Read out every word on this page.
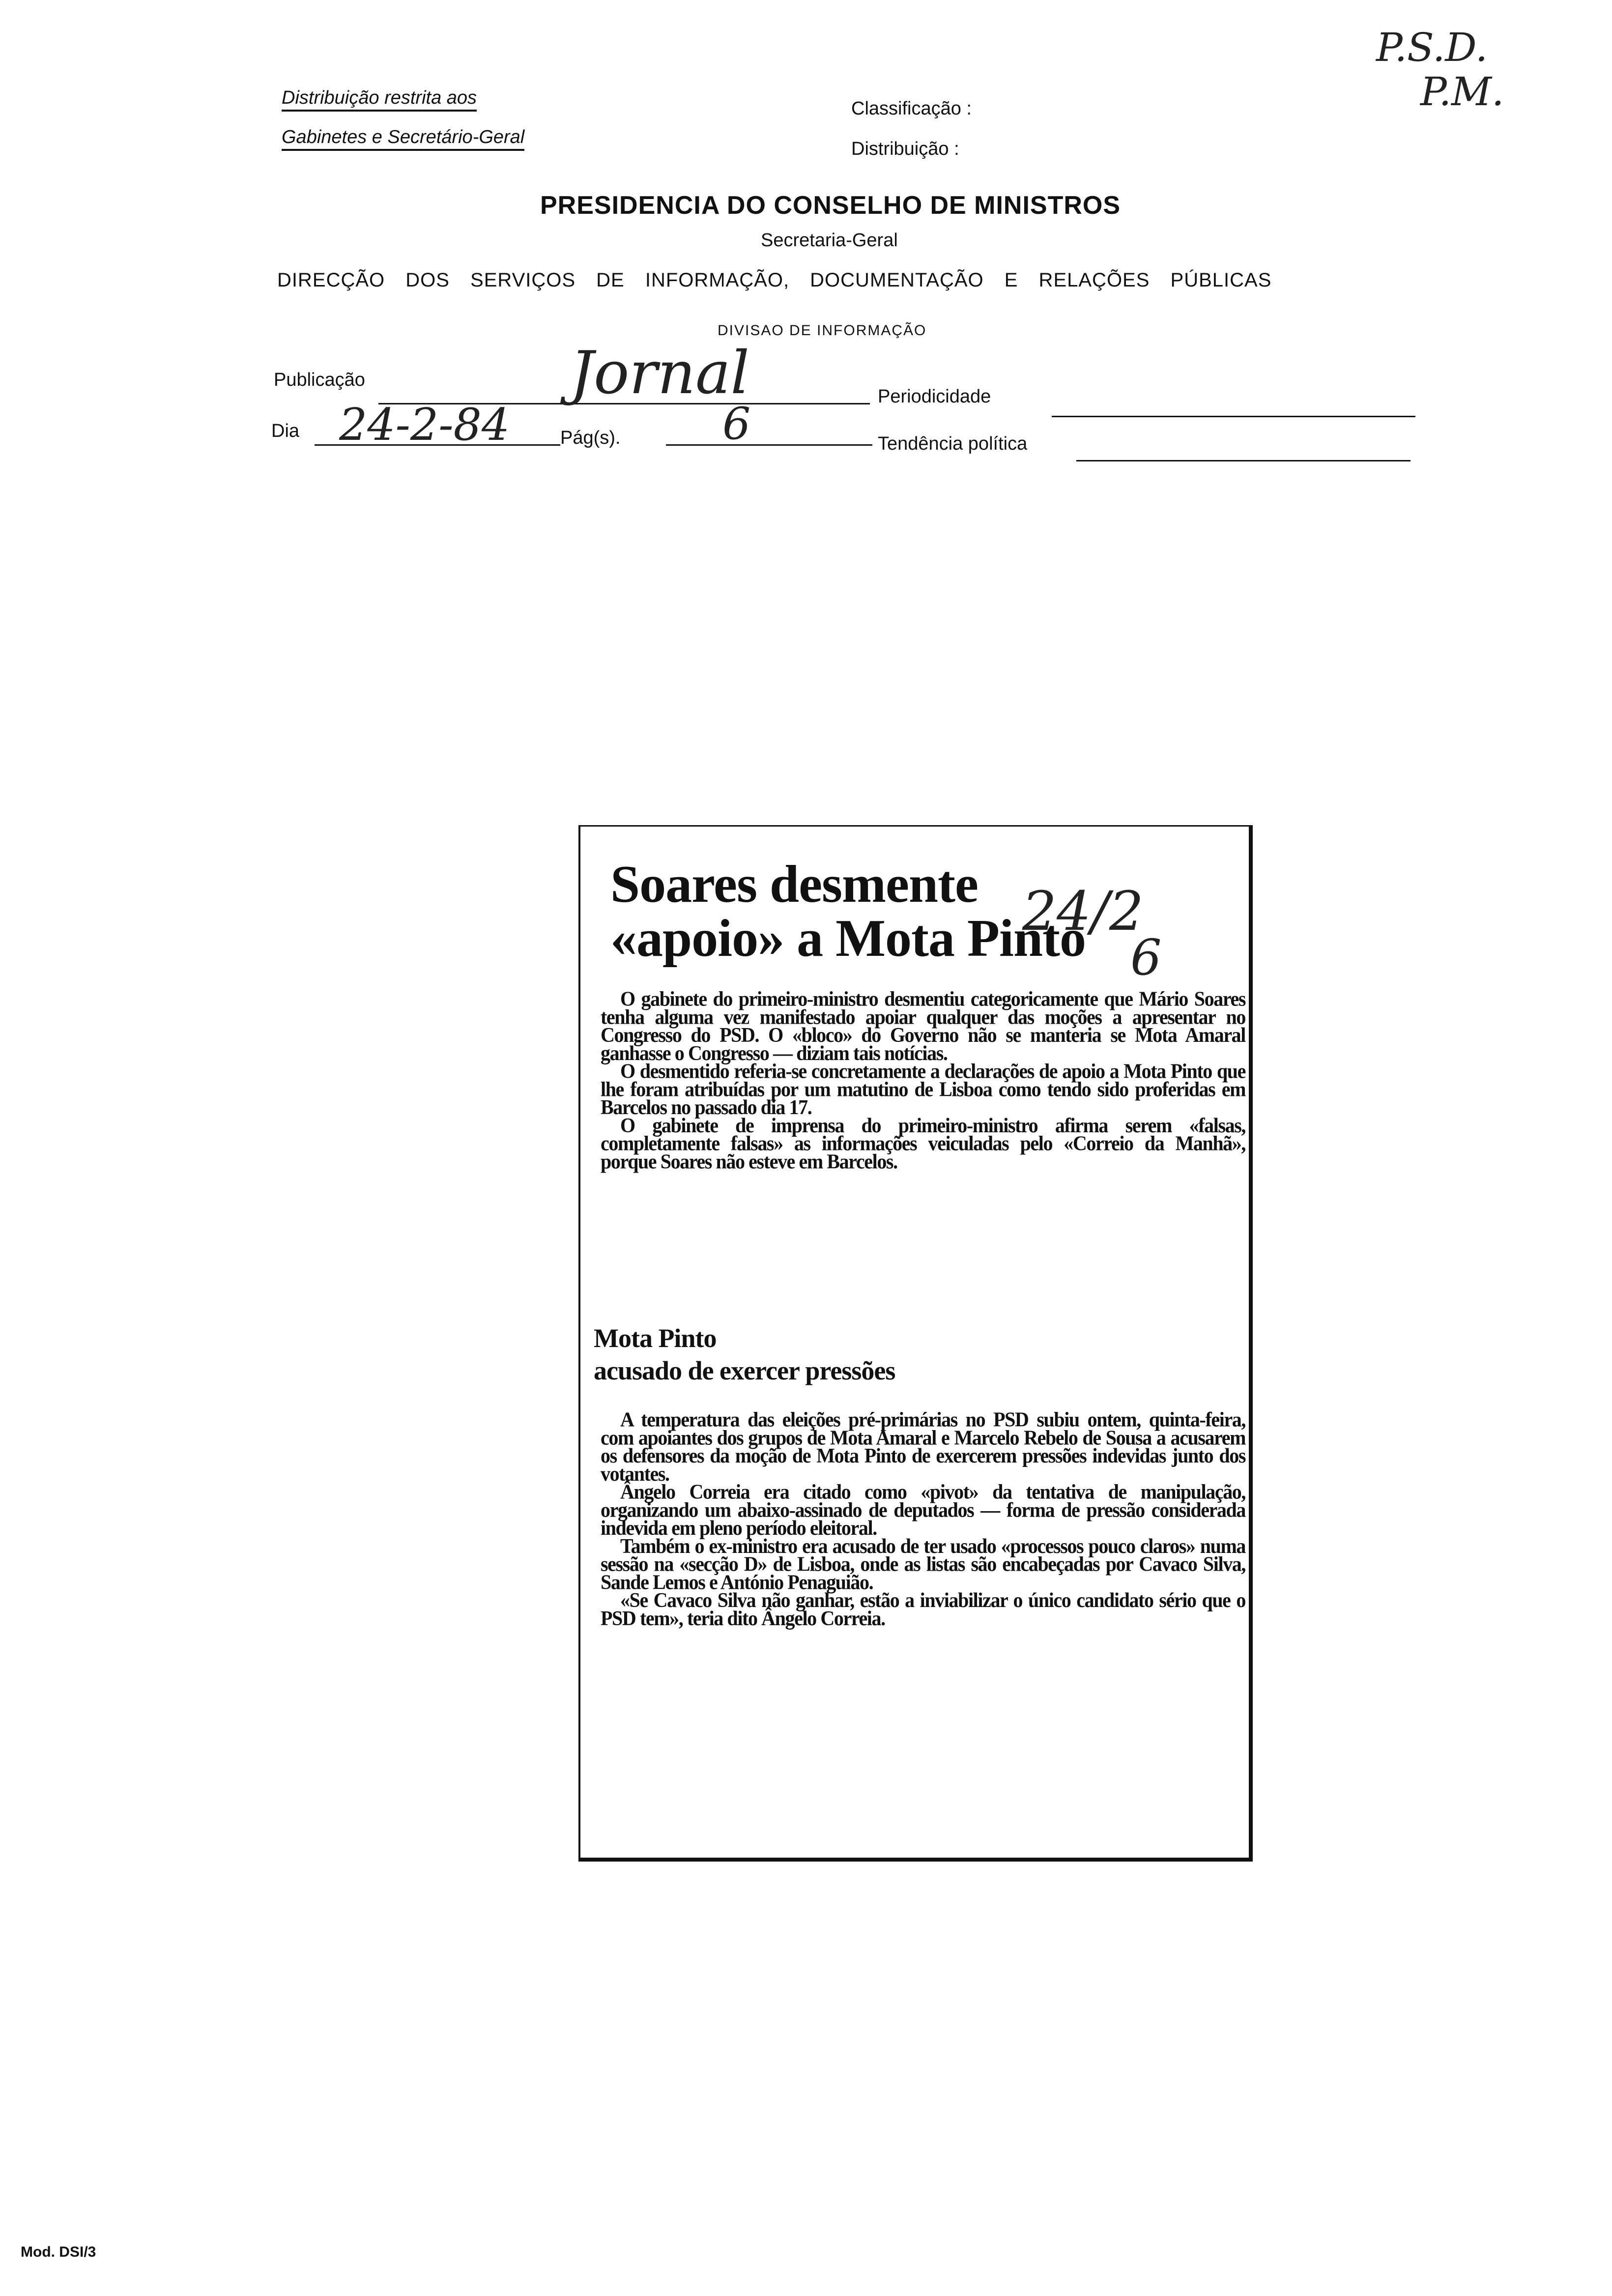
Distribuição restrita aos
Gabinetes e Secretário-Geral
Classificação :
Distribuição :
P.S.D.
P.M.
PRESIDENCIA DO CONSELHO DE MINISTROS
Secretaria-Geral
DIRECÇÃO DOS SERVIÇOS DE INFORMAÇÃO, DOCUMENTAÇÃO E RELAÇÕES PÚBLICAS
DIVISAO DE INFORMAÇÃO
Publicação	Jornal	Periodicidade
Dia 24-2-84	Pág(s). 6	Tendência política
Soares desmente
«apoio» a Mota Pinto
24/2
6

O gabinete do primeiro-ministro desmentiu categoricamente que Mário Soares tenha alguma vez manifestado apoiar qualquer das moções a apresentar no Congresso do PSD. O «bloco» do Governo não se manteria se Mota Amaral ganhasse o Congresso — diziam tais notícias.

O desmentido referia-se concretamente a declarações de apoio a Mota Pinto que lhe foram atribuídas por um matutino de Lisboa como tendo sido proferidas em Barcelos no passado dia 17.

O gabinete de imprensa do primeiro-ministro afirma serem «falsas, completamente falsas» as informações veiculadas pelo «Correio da Manhã», porque Soares não esteve em Barcelos.

Mota Pinto
acusado de exercer pressões

A temperatura das eleições pré-primárias no PSD subiu ontem, quinta-feira, com apoiantes dos grupos de Mota Amaral e Marcelo Rebelo de Sousa a acusarem os defensores da moção de Mota Pinto de exercerem pressões indevidas junto dos votantes.

Ângelo Correia era citado como «pivot» da tentativa de manipulação, organizando um abaixo-assinado de deputados — forma de pressão considerada indevida em pleno período eleitoral.

Também o ex-ministro era acusado de ter usado «processos pouco claros» numa sessão na «secção D» de Lisboa, onde as listas são encabeçadas por Cavaco Silva, Sande Lemos e António Penaguião.

«Se Cavaco Silva não ganhar, estão a inviabilizar o único candidato sério que o PSD tem», teria dito Ângelo Correia.

Mod. DSI/3
